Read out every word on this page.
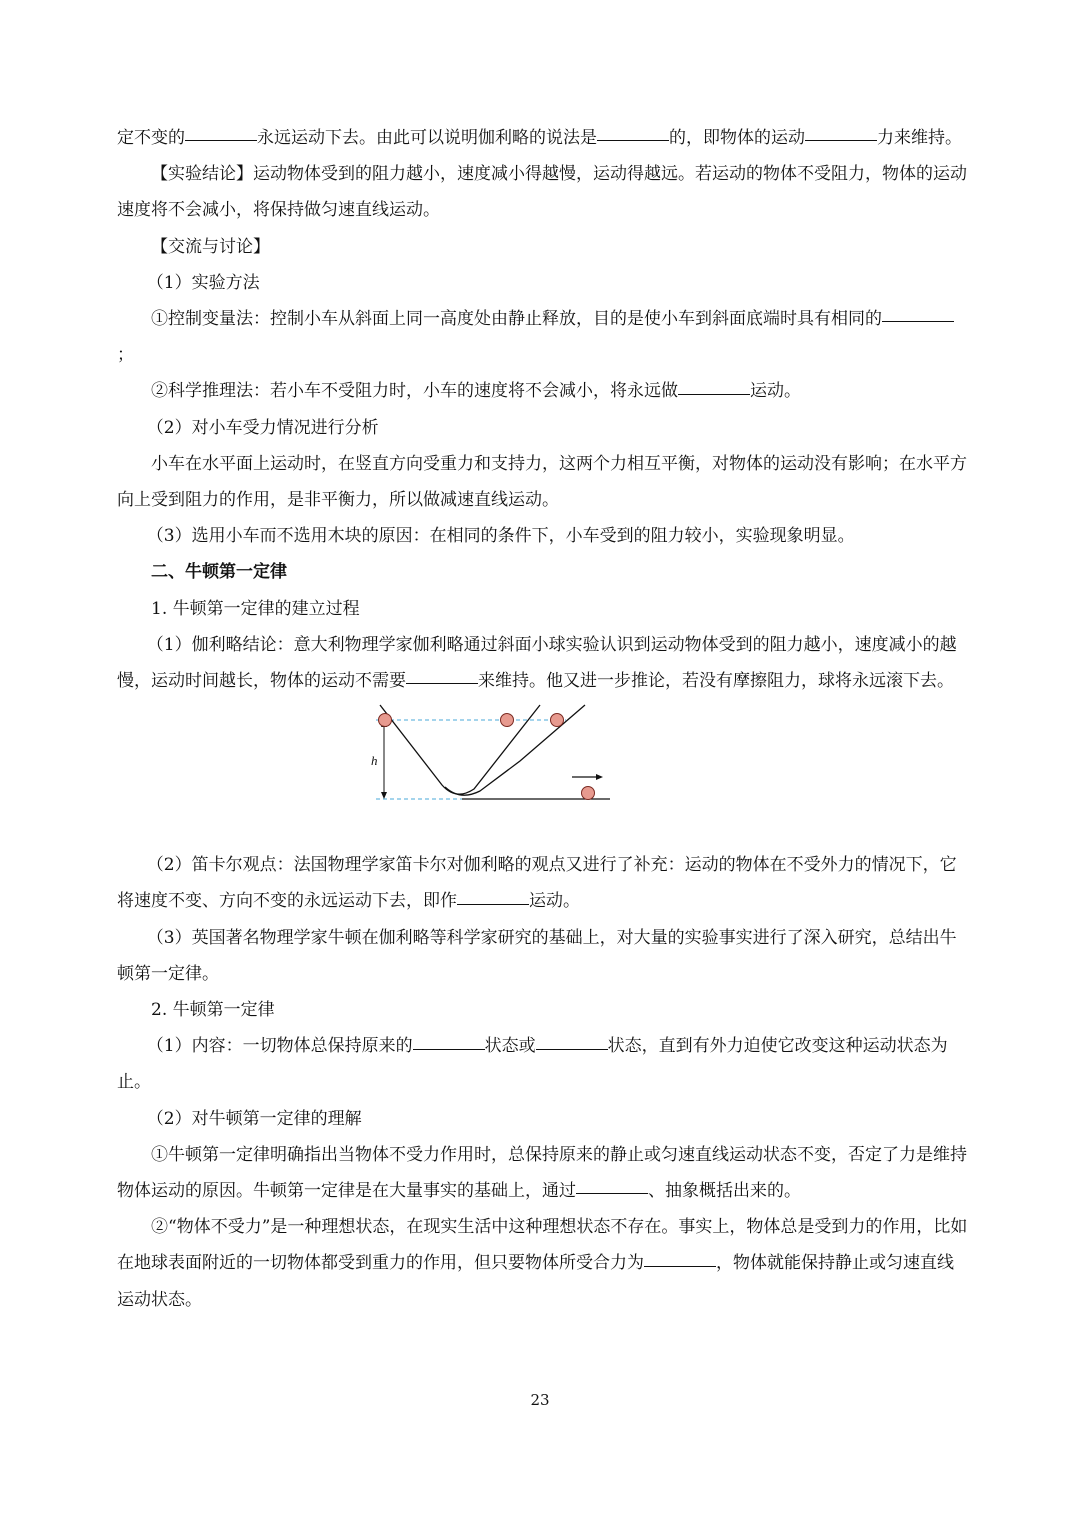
定不变的	永远运动下去。由此可以说明伽利略的说法是	的，即物体的运动	力来维持。

【实验结论】运动物体受到的阻力越小，速度减小得越慢，运动得越远。若运动的物体不受阻力，物体的运动速度将不会减小，将保持做匀速直线运动。

【交流与讨论】

（1）实验方法

①控制变量法：控制小车从斜面上同一高度处由静止释放，目的是使小车到斜面底端时具有相同的；

②科学推理法：若小车不受阻力时，小车的速度将不会减小，将永远做	运动。

（2）对小车受力情况进行分析

小车在水平面上运动时，在竖直方向受重力和支持力，这两个力相互平衡，对物体的运动没有影响；在水平方向上受到阻力的作用，是非平衡力，所以做减速直线运动。

（3）选用小车而不选用木块的原因：在相同的条件下，小车受到的阻力较小，实验现象明显。

二、牛顿第一定律

1. 牛顿第一定律的建立过程

（1）伽利略结论：意大利物理学家伽利略通过斜面小球实验认识到运动物体受到的阻力越小，速度减小的越慢，运动时间越长，物体的运动不需要	来维持。他又进一步推论，若没有摩擦阻力，球将永远滚下去。

h

（2）笛卡尔观点：法国物理学家笛卡尔对伽利略的观点又进行了补充：运动的物体在不受外力的情况下，它将速度不变、方向不变的永远运动下去，即作	运动。

（3）英国著名物理学家牛顿在伽利略等科学家研究的基础上，对大量的实验事实进行了深入研究，总结出牛顿第一定律。

2. 牛顿第一定律

（1）内容：一切物体总保持原来的	状态或	状态，直到有外力迫使它改变这种运动状态为止。

（2）对牛顿第一定律的理解

①牛顿第一定律明确指出当物体不受力作用时，总保持原来的静止或匀速直线运动状态不变，否定了力是维持物体运动的原因。牛顿第一定律是在大量事实的基础上，通过	、抽象概括出来的。

②“物体不受力”是一种理想状态，在现实生活中这种理想状态不存在。事实上，物体总是受到力的作用，比如在地球表面附近的一切物体都受到重力的作用，但只要物体所受合力为	，物体就能保持静止或匀速直线运动状态。

23
